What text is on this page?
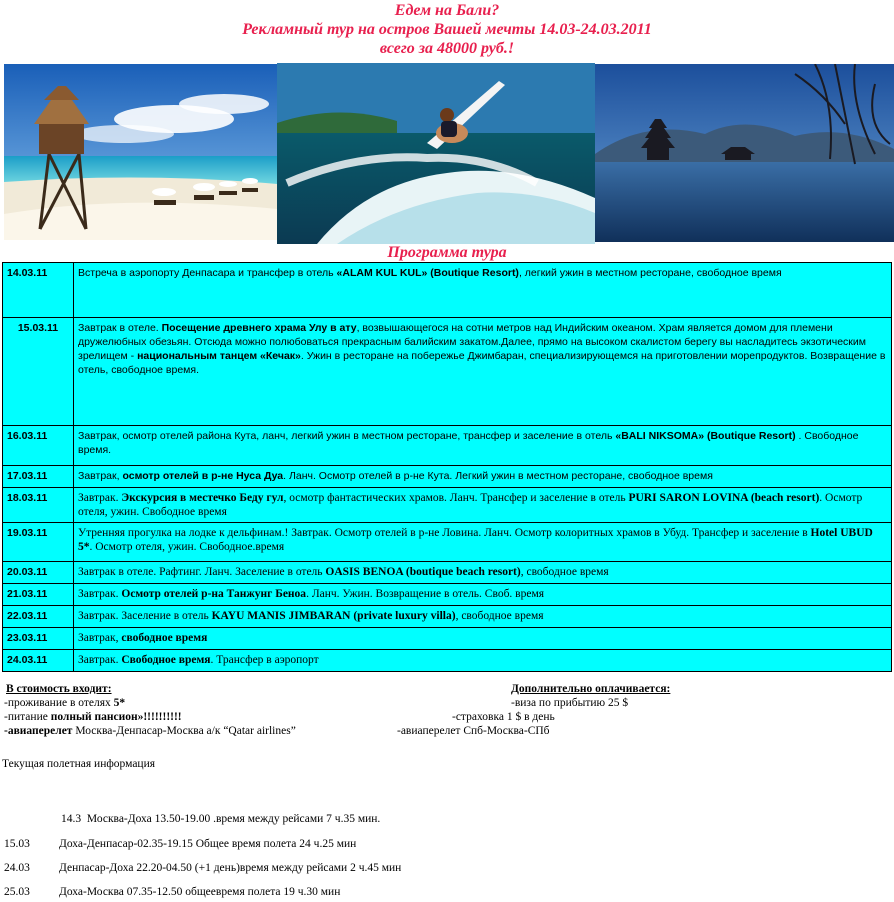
Едем на Бали?
Рекламный тур на остров Вашей мечты 14.03-24.03.2011
всего за 48000 руб.!
Программа тура
14.03.11	Встреча в аэропорту Денпасара и трансфер в отель «ALAM KUL KUL» (Boutique Resort), легкий ужин в местном ресторане, свободное время
15.03.11	Завтрак в отеле. Посещение древнего храма Улу в ату, возвышающегося на сотни метров над Индийским океаном. Храм является домом для племени дружелюбных обезьян. Отсюда можно полюбоваться прекрасным балийским закатом.Далее, прямо на высоком скалистом берегу вы насладитесь экзотическим зрелищем - национальным танцем «Кечак». Ужин в ресторане на побережье Джимбаран, специализирующемся на приготовлении морепродуктов. Возвращение в отель, свободное время.
16.03.11	Завтрак, осмотр отелей района Кута, ланч, легкий ужин в местном ресторане, трансфер и заселение в отель «BALI NIKSOMA» (Boutique Resort) . Свободное время.
17.03.11	Завтрак, осмотр отелей в р-не Нуса Дуа. Ланч. Осмотр отелей в р-не Кута. Легкий ужин в местном ресторане, свободное время
18.03.11	Завтрак. Экскурсия в местечко Беду гул, осмотр фантастических храмов. Ланч. Трансфер и заселение в отель PURI SARON LOVINA (beach resort). Осмотр отеля, ужин. Свободное время
19.03.11	Утренняя прогулка на лодке к дельфинам.! Завтрак. Осмотр отелей в р-не Ловина. Ланч. Осмотр колоритных храмов в Убуд. Трансфер и заселение в Hotel UBUD 5*. Осмотр отеля, ужин. Свободное.время
20.03.11	Завтрак в отеле. Рафтинг. Ланч. Заселение в отель OASIS BENOA (boutique beach resort), свободное время
21.03.11	Завтрак. Осмотр отелей р-на Танжунг Беноа. Ланч. Ужин. Возвращение в отель. Своб. время
22.03.11	Завтрак. Заселение в отель KAYU MANIS JIMBARAN (private luxury villa), свободное время
23.03.11	Завтрак, свободное время
24.03.11	Завтрак. Свободное время. Трансфер в аэропорт
В стоимость входит:	Дополнительно оплачивается:
-проживание в отелях 5*	-виза по прибытию 25 $
-питание полный пансион»!!!!!!!!!!	-страховка 1 $ в день
-авиаперелет Москва-Денпасар-Москва а/к “Qatar airlines”	-авиаперелет Спб-Москва-СПб
Текущая полетная информация
14.3 Москва-Доха 13.50-19.00 .время между рейсами 7 ч.35 мин.
15.03	Доха-Денпасар-02.35-19.15 Общее время полета 24 ч.25 мин
24.03	Денпасар-Доха 22.20-04.50 (+1 день)время между рейсами 2 ч.45 мин
25.03	Доха-Москва 07.35-12.50 общеевремя полета 19 ч.30 мин
